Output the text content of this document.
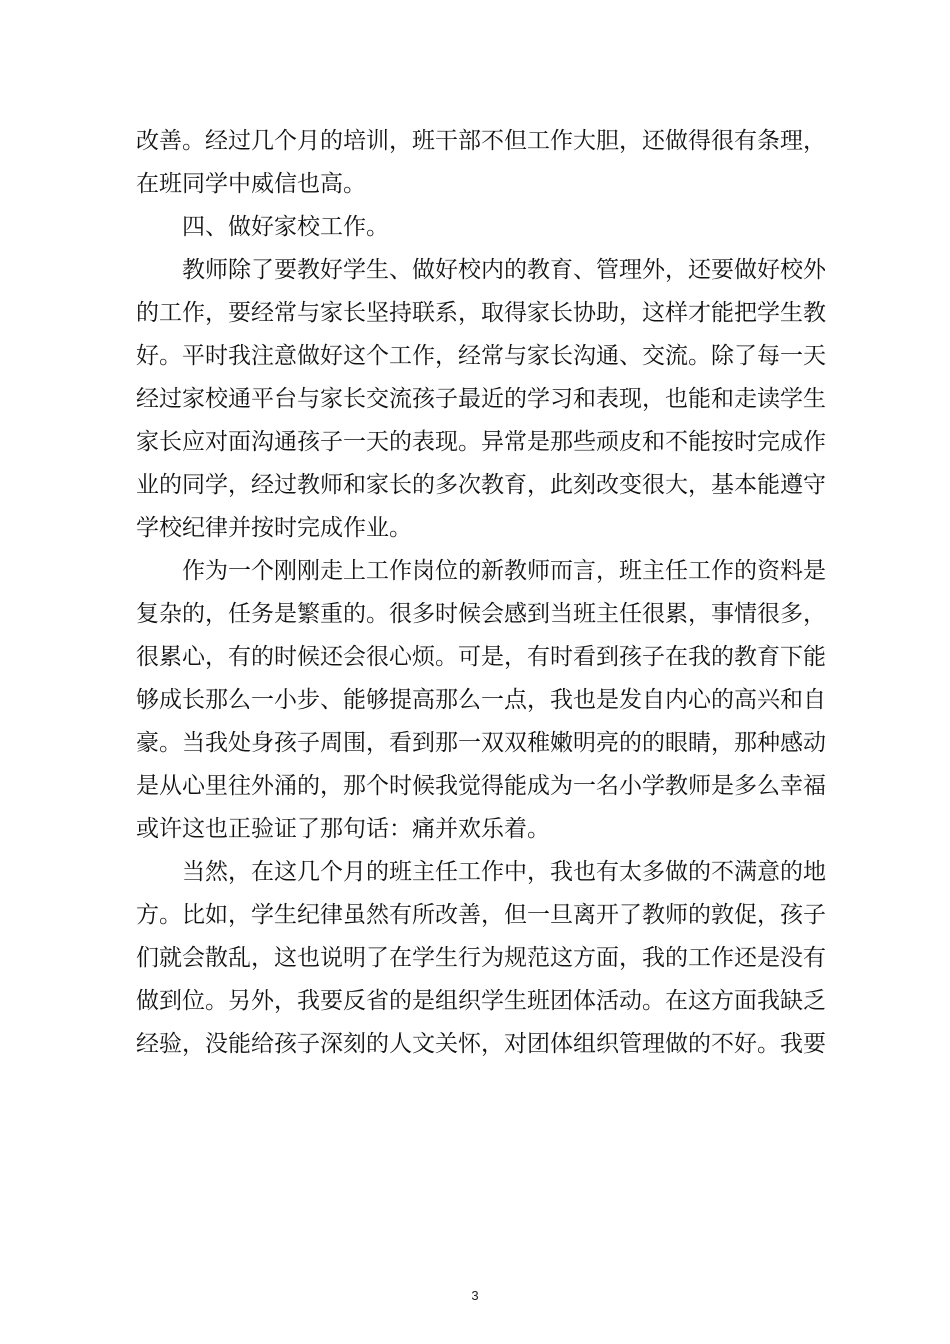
改善。经过几个月的培训，班干部不但工作大胆，还做得很有条理，
在班同学中威信也高。
四、做好家校工作。
教师除了要教好学生、做好校内的教育、管理外，还要做好校外
的工作，要经常与家长坚持联系，取得家长协助，这样才能把学生教
好。平时我注意做好这个工作，经常与家长沟通、交流。除了每一天
经过家校通平台与家长交流孩子最近的学习和表现，也能和走读学生
家长应对面沟通孩子一天的表现。异常是那些顽皮和不能按时完成作
业的同学，经过教师和家长的多次教育，此刻改变很大，基本能遵守
学校纪律并按时完成作业。
作为一个刚刚走上工作岗位的新教师而言，班主任工作的资料是
复杂的，任务是繁重的。很多时候会感到当班主任很累，事情很多，
很累心，有的时候还会很心烦。可是，有时看到孩子在我的教育下能
够成长那么一小步、能够提高那么一点，我也是发自内心的高兴和自
豪。当我处身孩子周围，看到那一双双稚嫩明亮的的眼睛，那种感动
是从心里往外涌的，那个时候我觉得能成为一名小学教师是多么幸福
或许这也正验证了那句话：痛并欢乐着。
当然，在这几个月的班主任工作中，我也有太多做的不满意的地
方。比如，学生纪律虽然有所改善，但一旦离开了教师的敦促，孩子
们就会散乱，这也说明了在学生行为规范这方面，我的工作还是没有
做到位。另外，我要反省的是组织学生班团体活动。在这方面我缺乏
经验，没能给孩子深刻的人文关怀，对团体组织管理做的不好。我要
3
